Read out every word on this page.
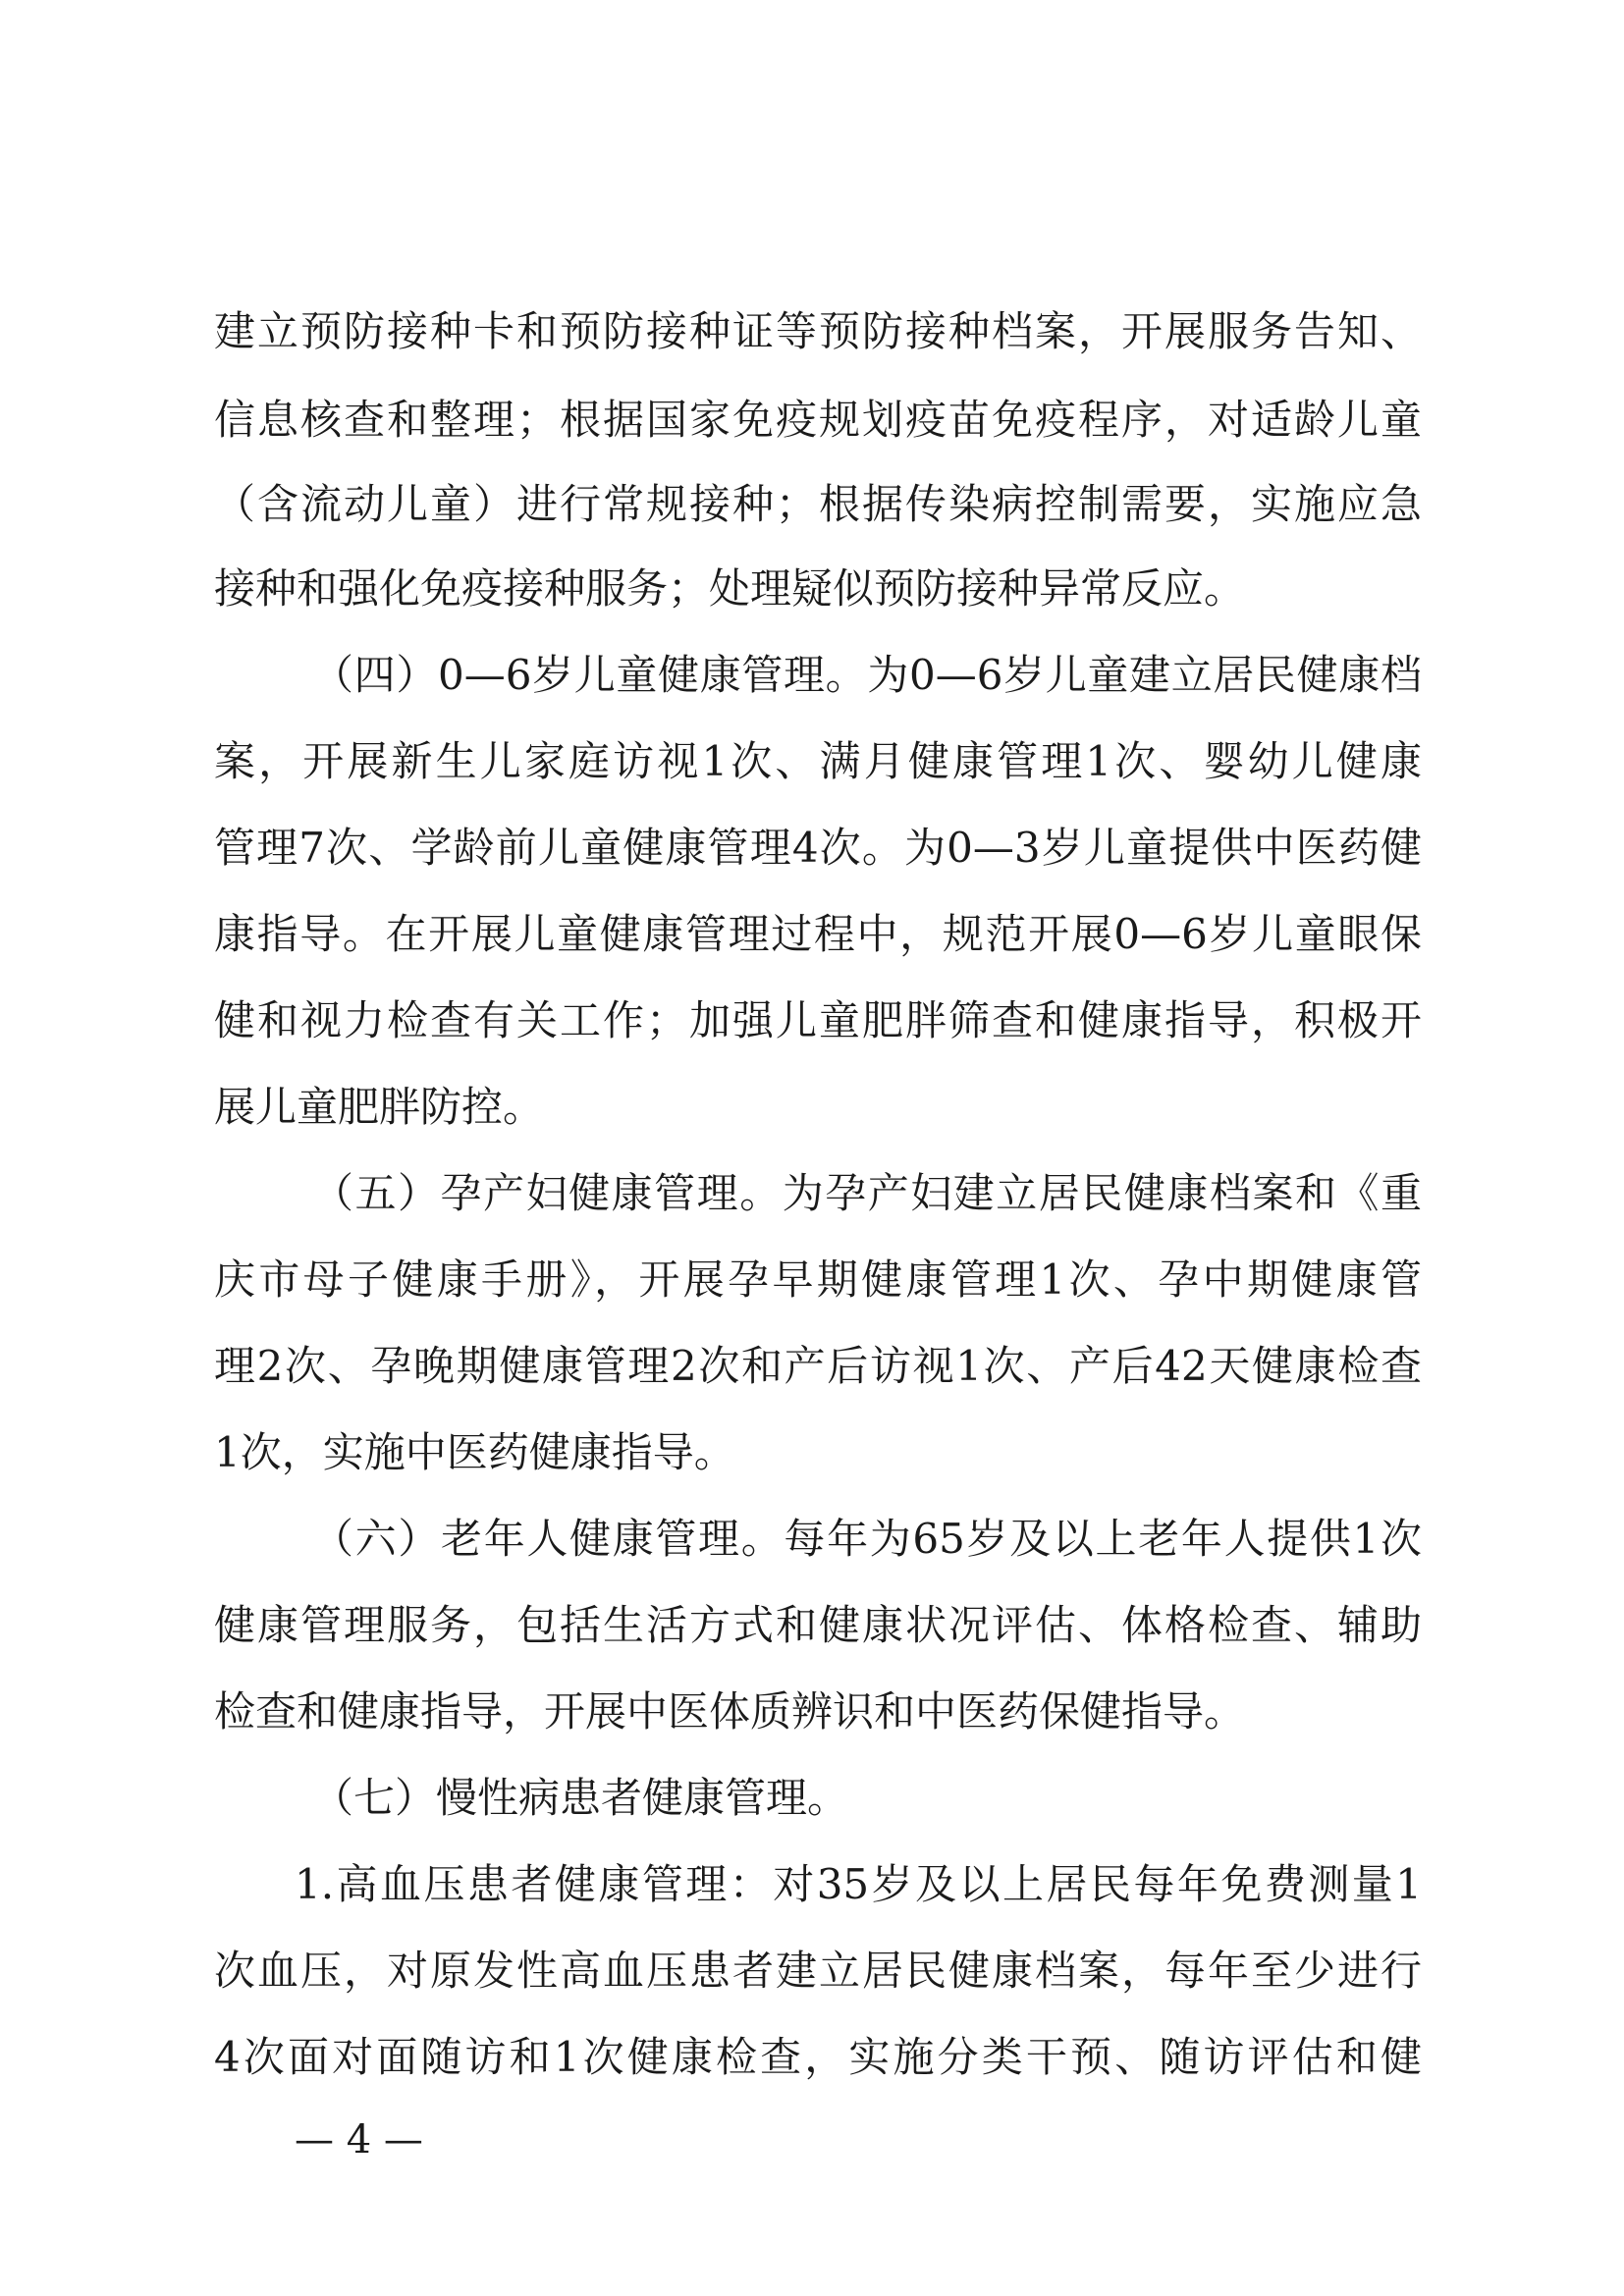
建立预防接种卡和预防接种证等预防接种档案，开展服务告知、
信息核查和整理；根据国家免疫规划疫苗免疫程序，对适龄儿童
（含流动儿童）进行常规接种；根据传染病控制需要，实施应急
接种和强化免疫接种服务；处理疑似预防接种异常反应。
（四）0—6岁儿童健康管理。为0—6岁儿童建立居民健康档
案，开展新生儿家庭访视1次、满月健康管理1次、婴幼儿健康
管理7次、学龄前儿童健康管理4次。为0—3岁儿童提供中医药健
康指导。在开展儿童健康管理过程中，规范开展0—6岁儿童眼保
健和视力检查有关工作；加强儿童肥胖筛查和健康指导，积极开
展儿童肥胖防控。
（五）孕产妇健康管理。为孕产妇建立居民健康档案和《重
庆市母子健康手册》，开展孕早期健康管理1次、孕中期健康管
理2次、孕晚期健康管理2次和产后访视1次、产后42天健康检查
1次，实施中医药健康指导。
（六）老年人健康管理。每年为65岁及以上老年人提供1次
健康管理服务，包括生活方式和健康状况评估、体格检查、辅助
检查和健康指导，开展中医体质辨识和中医药保健指导。
（七）慢性病患者健康管理。
1.高血压患者健康管理：对35岁及以上居民每年免费测量1
次血压，对原发性高血压患者建立居民健康档案，每年至少进行
4次面对面随访和1次健康检查，实施分类干预、随访评估和健
— 4 —
